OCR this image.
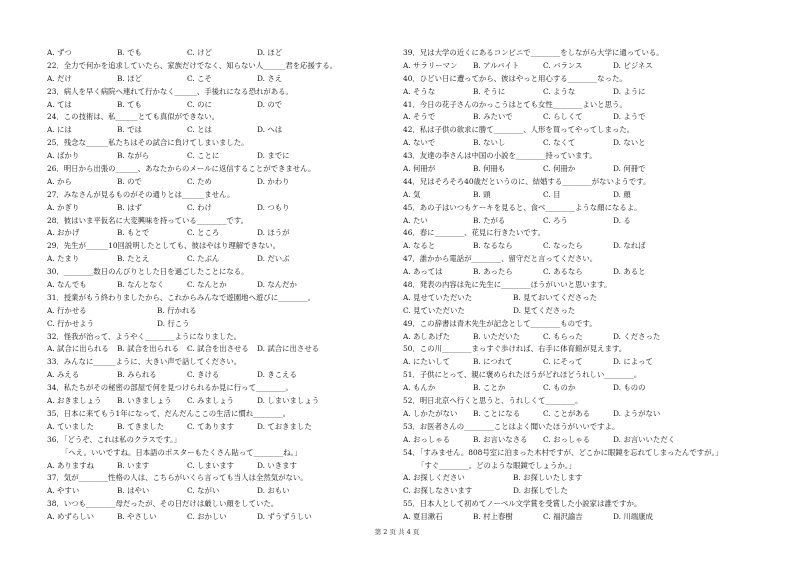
A. ずつ	B. でも	C. けど	D. ほど
22．全力で何かを追求していたら、家族だけでなく、知らない人______君を応援する。
A. だけ	B. ほど	C. こそ	D. さえ
23．病人を早く病院へ連れて行かなく______、手後れになる恐れがある。
A. ては	B. ても	C. のに	D. ので
24．この技術は、私______とても真似ができない。
A. には	B. では	C. とは	D. へは
25．残念な______私たちはその試合に負けてしまいました。
A. ばかり	B. ながら	C. ことに	D. までに
26．明日から出張の______、あなたからのメールに返信することができません。
A. から	B. ので	C. ため	D. かわり
27．みなさんが見るものがその通りとは______ません。
A. かぎり	B. はず	C. わけ	D. つもり
28．彼はいま平仮名に大変興味を持っている________です。
A. おかげ	B. もとで	C. ところ	D. ほうが
29．先生が______10回説明したとしても、彼はやはり理解できない。
A. たまり	B. たとえ	C. たぶん	D. だいぶ
30．________数日のんびりとした日を過ごしたことになる。
A. なんでも	B. なんとなく	C. なんとか	D. なんだか
31．授業がもう終わりましたから、これからみんなで遊園地へ遊びに________。
A. 行かせる	B. 行かれる
C. 行かせよう	D. 行こう
32．怪我が治って、ようやく________ようになりました。
A. 試合に出られる	B. 試合を出られる	C. 試合を出させる	D. 試合に出させる
33．みんなに______ように、大きい声で話してください。
A. みえる	B. みられる	C. きける	D. きこえる
34．私たちがその秘密の部屋で何を見つけられるか見に行って________。
A. おきましょう	B. いきましょう	C. みましょう	D. しまいましょう
35．日本に来てもう1年になって、だんだんここの生活に慣れ________。
A. ていました	B. てきました	C. てあります	D. ておきました
36．「どうぞ、これは私のクラスです。」
「へえ。いいですね。日本語のポスターもたくさん貼って________ね。」
A. ありますね	B. います	C. しまいます	D. いきます
37．気が________性格の人は、こちらがいくら言っても当人は全然気がない。
A. やすい	B. はやい	C. ながい	D. おもい
38．いつも________母だったが、その日だけは厳しい顔をしていた。
A. めずらしい	B. やさしい	C. おかしい	D. ずうずうしい
39．兄は大学の近くにあるコンビニで________をしながら大学に通っている。
A. サラリーマン	B. アルバイト	C. バランス	D. ビジネス
40．ひどい日に遭ってから、彼はやっと用心する________なった。
A. そうな	B. そうに	C. ような	D. ように
41．今日の花子さんのかっこうはとても女性________よいと思う。
A. そうで	B. みたいで	C. らしくて	D. ようで
42．私は子供の欲求に勝て________、人形を買ってやってしまった。
A. ないで	B. ないし	C. なくて	D. ないと
43．友達の李さんは中国の小説を________持っています。
A. 何冊が	B. 何冊も	C. 何冊か	D. 何冊で
44．兄はそろそろ40歳だというのに、結婚する________がないようです。
A. 気	B. 頭	C. 目	D. 顔
45．あの子はいつもケーキを見ると、食べ________ような顔になるよ。
A. たい	B. たがる	C. ろう	D. る
46．春に________、花見に行きたいです。
A. なると	B. なるなら	C. なったら	D. なれば
47．誰かから電話が________、留守だと言ってください。
A. あっては	B. あったら	C. あるなら	D. あると
48．発表の内容は先に先生に________ほうがいいと思います。
A. 見せていただいた	B. 見ておいてくださった
C. 見ていただいた	D. 見てくださった
49．この辞書は青木先生が記念として________ものです。
A. あしあげた	B. いただいた	C. もらった	D. くださった
50．この川________まっすぐ歩ければ、右手に体育館が見えます。
A. にたいして	B. につれて	C. にそって	D. によって
51．子供にとって、親に褒められたほうがどれほどうれしい________。
A. もんか	B. ことか	C. ものか	D. ものの
52．明日北京へ行くと思うと、うれしくて________。
A. しかたがない	B. ことになる	C. ことがある	D. ようがない
53．お医者さんの________ことはよく聞いたほうがいいですよ。
A. おっしゃる	B. お言いなさる	C. おっしゃる	D. お言いいただく
54．「すみません。808号室に泊まった木村ですが、どこかに眼鏡を忘れてしまったんですが。」
「すぐ________。どのような眼鏡でしょうか。」
A. お探しください	B. お探しいたします
C. お探しなさいます	D. お探しでした
55．日本人として初めてノーベル文学賞を受賞した小説家は誰ですか。
A. 夏目漱石	B. 村上春樹	C. 福沢諭吉	D. 川端康成
第 2 页 共 4 页
